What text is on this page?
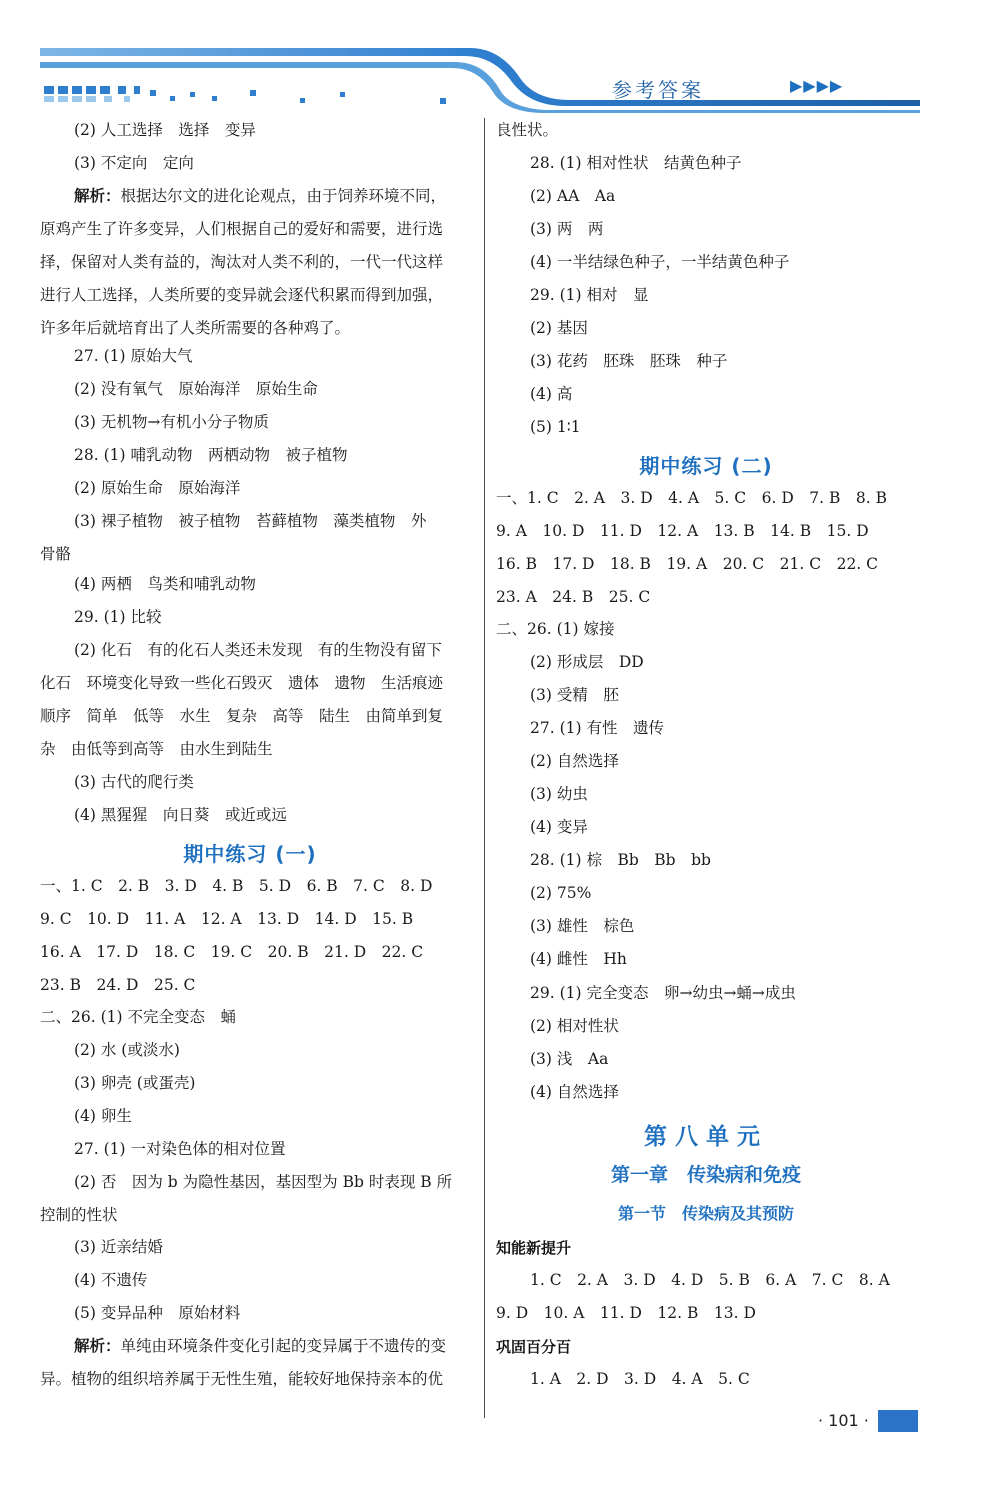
参考答案	▶▶▶▶
(2) 人工选择　选择　变异
(3) 不定向　定向
解析：根据达尔文的进化论观点，由于饲养环境不同，
原鸡产生了许多变异，人们根据自己的爱好和需要，进行选
择，保留对人类有益的，淘汰对人类不利的，一代一代这样
进行人工选择，人类所要的变异就会逐代积累而得到加强，
许多年后就培育出了人类所需要的各种鸡了。
27. (1) 原始大气
(2) 没有氧气　原始海洋　原始生命
(3) 无机物→有机小分子物质
28. (1) 哺乳动物　两栖动物　被子植物
(2) 原始生命　原始海洋
(3) 裸子植物　被子植物　苔藓植物　藻类植物　外
骨骼
(4) 两栖　鸟类和哺乳动物
29. (1) 比较
(2) 化石　有的化石人类还未发现　有的生物没有留下
化石　环境变化导致一些化石毁灭　遗体　遗物　生活痕迹
顺序　简单　低等　水生　复杂　高等　陆生　由简单到复
杂　由低等到高等　由水生到陆生
(3) 古代的爬行类
(4) 黑猩猩　向日葵　或近或远
期中练习 (一)
一、1. C　2. B　3. D　4. B　5. D　6. B　7. C　8. D
9. C　10. D　11. A　12. A　13. D　14. D　15. B
16. A　17. D　18. C　19. C　20. B　21. D　22. C
23. B　24. D　25. C
二、26. (1) 不完全变态　蛹
(2) 水 (或淡水)
(3) 卵壳 (或蛋壳)
(4) 卵生
27. (1) 一对染色体的相对位置
(2) 否　因为 b 为隐性基因，基因型为 Bb 时表现 B 所
控制的性状
(3) 近亲结婚
(4) 不遗传
(5) 变异品种　原始材料
解析：单纯由环境条件变化引起的变异属于不遗传的变
异。植物的组织培养属于无性生殖，能较好地保持亲本的优
良性状。
28. (1) 相对性状　结黄色种子
(2) AA　Aa
(3) 两　两
(4) 一半结绿色种子，一半结黄色种子
29. (1) 相对　显
(2) 基因
(3) 花药　胚珠　胚珠　种子
(4) 高
(5) 1∶1
期中练习 (二)
一、1. C　2. A　3. D　4. A　5. C　6. D　7. B　8. B
9. A　10. D　11. D　12. A　13. B　14. B　15. D
16. B　17. D　18. B　19. A　20. C　21. C　22. C
23. A　24. B　25. C
二、26. (1) 嫁接
(2) 形成层　DD
(3) 受精　胚
27. (1) 有性　遗传
(2) 自然选择
(3) 幼虫
(4) 变异
28. (1) 棕　Bb　Bb　bb
(2) 75%
(3) 雄性　棕色
(4) 雌性　Hh
29. (1) 完全变态　卵→幼虫→蛹→成虫
(2) 相对性状
(3) 浅　Aa
(4) 自然选择
第八单元
第一章　传染病和免疫
第一节　传染病及其预防
知能新提升
1. C　2. A　3. D　4. D　5. B　6. A　7. C　8. A
9. D　10. A　11. D　12. B　13. D
巩固百分百
1. A　2. D　3. D　4. A　5. C
· 101 ·
